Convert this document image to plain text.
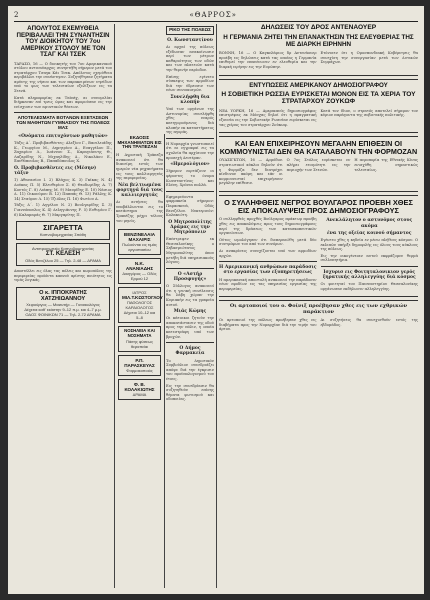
2	«ΘΑΡΡΟΣ»
ΑΠΟΛΥΤΟΣ ΕΧΕΜΥΘΕΙΑ ΠΕΡΙΒΑΛΛΕΙ ΤΗΝ ΣΥΝΑΝΤΗΣΙΝ ΤΟΥ ΔΙΟΙΚΗΤΟΥ ΤΟΥ 7ου ΑΜΕΡΙΚΟΥ ΣΤΟΛΟΥ ΜΕ ΤΟΝ ΤΣΑΓ ΚΑΙ ΤΣΕΚ
ΤΑΡΑΣΩ, 16 — Ο διοικητής του 7ου Αμερικανικού στόλου αντιναύαρχος συνηντήθη σήμερον μετά του στρατάρχου Τσαγκ Κάι Τσεκ. Απόλυτος εχεμύθεια περιβάλλει την συνάντησιν. Συζητήθησαν ζητήματα αμύνης της νήσου και των παρακειμένων νησίδων υπό το φως των τελευταίων εξελίξεων εις τα Στενά.
Κατά πληροφορίας εκ Ταϊπέχ, αι συνομιλίαι διήρκεσαν επί τρεις ώρας και αφορούσαν εις την ενίσχυσιν των αμυντικών θέσεων.
ΑΠΟΤΕΛΕΣΜΑΤΑ ΒΟΤΑΝΩΝ ΕΞΕΤΑΣΕΩΝ ΤΩΝ ΜΑΘΗΤΩΝ ΓΥΜΝΑΣΙΟΥ ΤΗΣ ΠΟΛΕΩΣ ΜΑΣ
«Ονόματα επιτυχόντων μαθητών»
Τάξις Α΄. Προβιβασθέντες: Αλεξίου Γ., Βασιλειάδης Κ., Γεωργίου Μ., Δημητρίου Α., Ευαγγέλου Π., Ζαχαρίου Λ., Ιωάννου Σ., Καραγιάννης Θ., Λαζαρίδης Ν., Μιχαηλίδης Δ., Νικολάου Ε., Ξανθόπουλος Β., Παπαδόπουλος Χ.
Ο. Προβιβασθέντες εις (Μέσην) τάξιν
1) Αθανασίου Ι. 2) Βλάχος Κ. 3) Γκίκας Ν. 4) Δούκας Π. 5) Ελευθερίου Σ. 6) Θεοδωρίδης Α. 7) Κοντός Γ. 8) Λιάπης Μ. 9) Μαυρίδης Ε. 10) Νάσιος Δ. 11) Οικονόμου Β. 12) Παππάς Θ. 13) Ράλλης Κ. 14) Σταύρου Λ. 15) Τζιόλας Π. 16) Φωτίου Α.
Τάξις Δ΄. 1) Αγγέλου Ν. 2) Βουλγαρίδης Σ. 3) Γιαννόπουλος Κ. 4) Δεληγιάννης Ρ. 5) Ευθυμίου Γ. 6) Καλαμαράς Θ. 7) Μαργαρίτης Π.
ΣΙΓΑΡΕΤΤΑ
Καπνοβιομηχανίας Σπάθη
Αντιπροσωπεία Καπνοβιομηχανίας
ΣΤ. ΚΕΛΕΣΗ
Οδός Βενιζέλου 25 — Τηλ. 2-48 — ΔΡΑΜΑ
Αποστέλλει εις όλας τας πόλεις και κωμοπόλεις της περιφερείας προϊόντα καπνού αρίστης ποιότητος εις τιμάς λογικάς.
Ο κ. ΙΠΠΟΚΡΑΤΗΣ ΧΑΤΖΗΙΩΑΝΝΟΥ
Χειρούργος — Μαιευτήρ — Γυναικολόγος
Δέχεται καθ' εκάστην 9–12 π.μ. και 4–7 μ.μ.
ΟΔΟΣ ΦΟΙΝΙΚΩΝ 71 — Τηλ. 2-72 ΔΡΑΜΑ
ΕΚΔΟΣΙΣ ΜΗΧΑΝΗΜΑΤΩΝ ΕΙΣ ΤΗΝ ΤΡΑΠΕΖΑΝ
Η Αγροτική Τράπεζα ανακοινοί ότι θα διανείμη εντός των ημερών νέα μηχανήματα εις τους καλλιεργητάς της περιφερείας.
Νέα βελτιωμένα φορτηγά διά τους καλλιεργητάς
Αι αιτήσεις θα υποβάλλωνται εις το κατάστημα της Τραπέζης μέχρι τέλους του μηνός.
ΒΕΝΖΙΝΕΛΑΙΑ ΜΑΧΑΙΡΙΣ
Πωλούνται εις τιμάς εργοστασίου
Ν.Κ. ΑΝΑΝΙΑΔΗΣ
Δικηγόρος — Οδός Ερμού 12
ΙΑΤΡΟΣ
ΜΙΛ.Τ.ΚΩΣΤΟΓΛΟΥ
ΠΑΘΟΛΟΓΟΣ ΚΑΡΔΙΟΛΟΓΟΣ
Δέχεται 10–12 και 5–8
ΝΟΣΗΛΕΙΑ ΚΑΙ ΝΟΣΗΜΑΤΑ
Πάσης φύσεως θεραπείαι
Ρ.Π. ΠΑΡΑΣΚΕΥΑΣ
Φαρμακοποιός
Φ. Β. ΚΟΛΑΚΙΩΤΗΣ
ΔΡΑΜΑ
ΡΙΚΟ ΤΗΣ ΠΟΛΕΩΣ
Ο. Κωνσταντίνου
Αι αρχαί της πόλεως εξέδωσαν ανακοίνωσιν περί των μέτρων καθαριότητος των οδών και των πλατειών κατά την θερινήν περίοδον.
Επίσης εγένετο σύσκεψις των αρμοδίων διά την ύδρευσιν των νέων συνοικισμών.
Συνελήφθη δια κλοπήν
Υπό των οργάνων της Αστυνομίας συνελήφθη χθες νεαρός κατηγορούμενος διά κλοπήν εκ καταστήματος της αγοράς.
Η Νομαρχία γνωστοποιεί ότι αι εγγραφαί εις τα σχολεία θα αρχίσουν την προσεχή Δευτέραν.
«Ημερολόγιον»
Σήμερον εορτάζουν οι φέροντες το όνομα Κωνσταντίνος και Ελένη. Χρόνια πολλά.
Εφημερεύοντα φαρμακεία σήμερον: Παρασκευά, Οδός Βενιζέλου. Νυκτερινόν: Κολακιώτη.
Ο Μητροπολίτης Δράμας εις την Μητρόπολιν
Επέστρεψεν εκ Θεσσαλονίκης ο Σεβασμιώτατος Μητροπολίτης όπου μετέβη διά υπηρεσιακούς λόγους.
Ο «Αστήρ Προσφυγής»
Ο Σύλλογος ανακοινοί ότι η γενική συνέλευσις θα λάβη χώραν την Κυριακήν εις τα γραφεία αυτού.
Μιάς Κώμης
Οι κάτοικοι ζητούν την αποκατάστασιν της οδού προς την πόλιν, η οποία κατεστράφη υπό των βροχών.
Ο Δήμος Φαρμακεία
Το Δημοτικόν Συμβούλιον συνεδριάζει απόψε διά την έγκρισιν του προϋπολογισμού του έτους.
Εις την συνεδρίασιν θα συζητηθούν επίσης θέματα φωτισμού και οδοποιίας.
ΔΗΛΩΣΕΙΣ ΤΟΥ ΔΡΟΣ ΑΝΤΕΝΑΟΥΕΡ
Η ΓΕΡΜΑΝΙΑ ΖΗΤΕΙ ΤΗΝ ΕΠΑΝΑΚΤΗΣΙΝ ΤΗΣ ΕΛΕΥΘΕΡΙΑΣ ΤΗΣ ΜΕ ΔΙΑΡΚΗ ΕΙΡΗΝΗΝ
ΒΟΝΝΗ, 16 — Ο Καγκελάριος δρ Αντενάουερ προέβη εις δηλώσεις κατά τας οποίας η Γερμανία επιθυμεί την επανένωσιν εν ελευθερία και την διαρκή ειρήνην εις την Ευρώπην.
Ετόνισεν ότι η Ομοσπονδιακή Κυβέρνησις θα συνεχίση την συνεργασίαν μετά των Δυτικών Συμμάχων.
ΕΝΤΥΠΩΣΕΙΣ ΑΜΕΡΙΚΑΝΟΥ ΔΗΜΟΣΙΟΓΡΑΦΟΥ
Η ΣΟΒΙΕΤΙΚΗ ΡΩΣΣΙΑ ΕΥΡΙΣΚΕΤΑΙ ΜΟΝΟΝ ΕΙΣ ΤΑ ΧΕΡΙΑ ΤΟΥ ΣΤΡΑΤΑΡΧΟΥ ΖΟΥΚΩΦ
ΝΕΑ ΥΟΡΚΗ, 16 — Αμερικανός δημοσιογράφος επιστρέψας εκ Μόσχας δηλοί ότι η πραγματική εξουσία εις την Σοβιετικήν Ρωσσίαν ευρίσκεται εις τας χείρας του στρατάρχου Ζούκωφ.
Κατά τον ίδιον, ο στρατός αποτελεί σήμερον τον κύριον παράγοντα της σοβιετικής πολιτικής.
ΚΑΙ ΕΑΝ ΕΠΙΧΕΙΡΗΣΟΥΝ ΜΕΓΑΛΗΝ ΕΠΙΘΕΣΙΝ ΟΙ ΚΟΜΜΟΥΝΙΣΤΑΙ ΔΕΝ ΘΑ ΚΑΤΑΛΑΒΟΥΝ ΤΗΝ ΦΟΡΜΟΖΑΝ
ΟΥΑΣΙΓΚΤΩΝ, 16 — Αρμόδιοι στρατιωτικοί κύκλοι δηλούν ότι η Φορμόζα δεν διατρέχει κίνδυνον ακόμη και εάν οι κομμουνισταί επιχειρήσουν μεγάλην επίθεσιν.
Ο 7ος Στόλος ευρίσκεται εν πλήρει ετοιμότητι εις την περιοχήν των Στενών.
Η αεροπορία της Εθνικής Κίνας ενισχύθη σημαντικώς τελευταίως.
Ο ΣΥΛΛΗΦΘΕΙΣ ΝΕΓΡΟΣ ΒΟΥΛΓΑΡΟΣ ΠΡΟΕΒΗ ΧΘΕΣ ΕΙΣ ΑΠΟΚΑΛΥΨΕΙΣ ΠΡΟΣ ΔΗΜΟΣΙΟΓΡΑΦΟΥΣ
Ο συλληφθείς προχθές Βούλγαρος πράκτωρ προέβη χθες εις αποκαλύψεις προς τους δημοσιογράφους περί της δράσεως των κατασκοπευτικών οργανώσεων.
Ούτος ωμολόγησεν ότι διεπεραιώθη μετά δύο συντρόφων του από των συνόρων.
Αι ανακρίσεις συνεχίζονται υπό των αρμοδίων αρχών.
Η Αμερικανική ανθρώπων παράδοσις στο εργασίας των εξυπηρετήσεως
Η αμερικανική αποστολή ανακοινοί την παράδοσιν νέων εφοδίων εις τας υπηρεσίας εργασίας της περιφερείας.
Ανεκλάλητον ο αστυνόμος στους ακόμα
ένα της οξείας κοινού σήμαντος
Εγένετο χθες η κηδεία εν μέσω πλήθους κόσμου. Ο εκλιπών υπήρξε δημοφιλής εις όλους τους κύκλους της πόλεως.
Εις την οικογένειαν αυτού εκφράζομεν θερμά συλλυπητήρια.
Ισχυρισ εις Φοιτηταλονικιον γερός ξηρατικής αλληλεγγύης διά κόσμος
Οι φοιτηταί του Πανεπιστημίου Θεσσαλονίκης οργάνωσαν εκδήλωσιν αλληλεγγύης.
Οι αρτοποιοί του ο. Φοίνιξ προέβησαν χθες εις των εχθρικών παράκτιον
Οι αρτοποιοί της πόλεως προέβησαν χθες εις διαβήματα προς την Νομαρχίαν διά την τιμήν του άρτου.
Αι συζητήσεις θα συνεχισθούν εντός της εβδομάδος.
